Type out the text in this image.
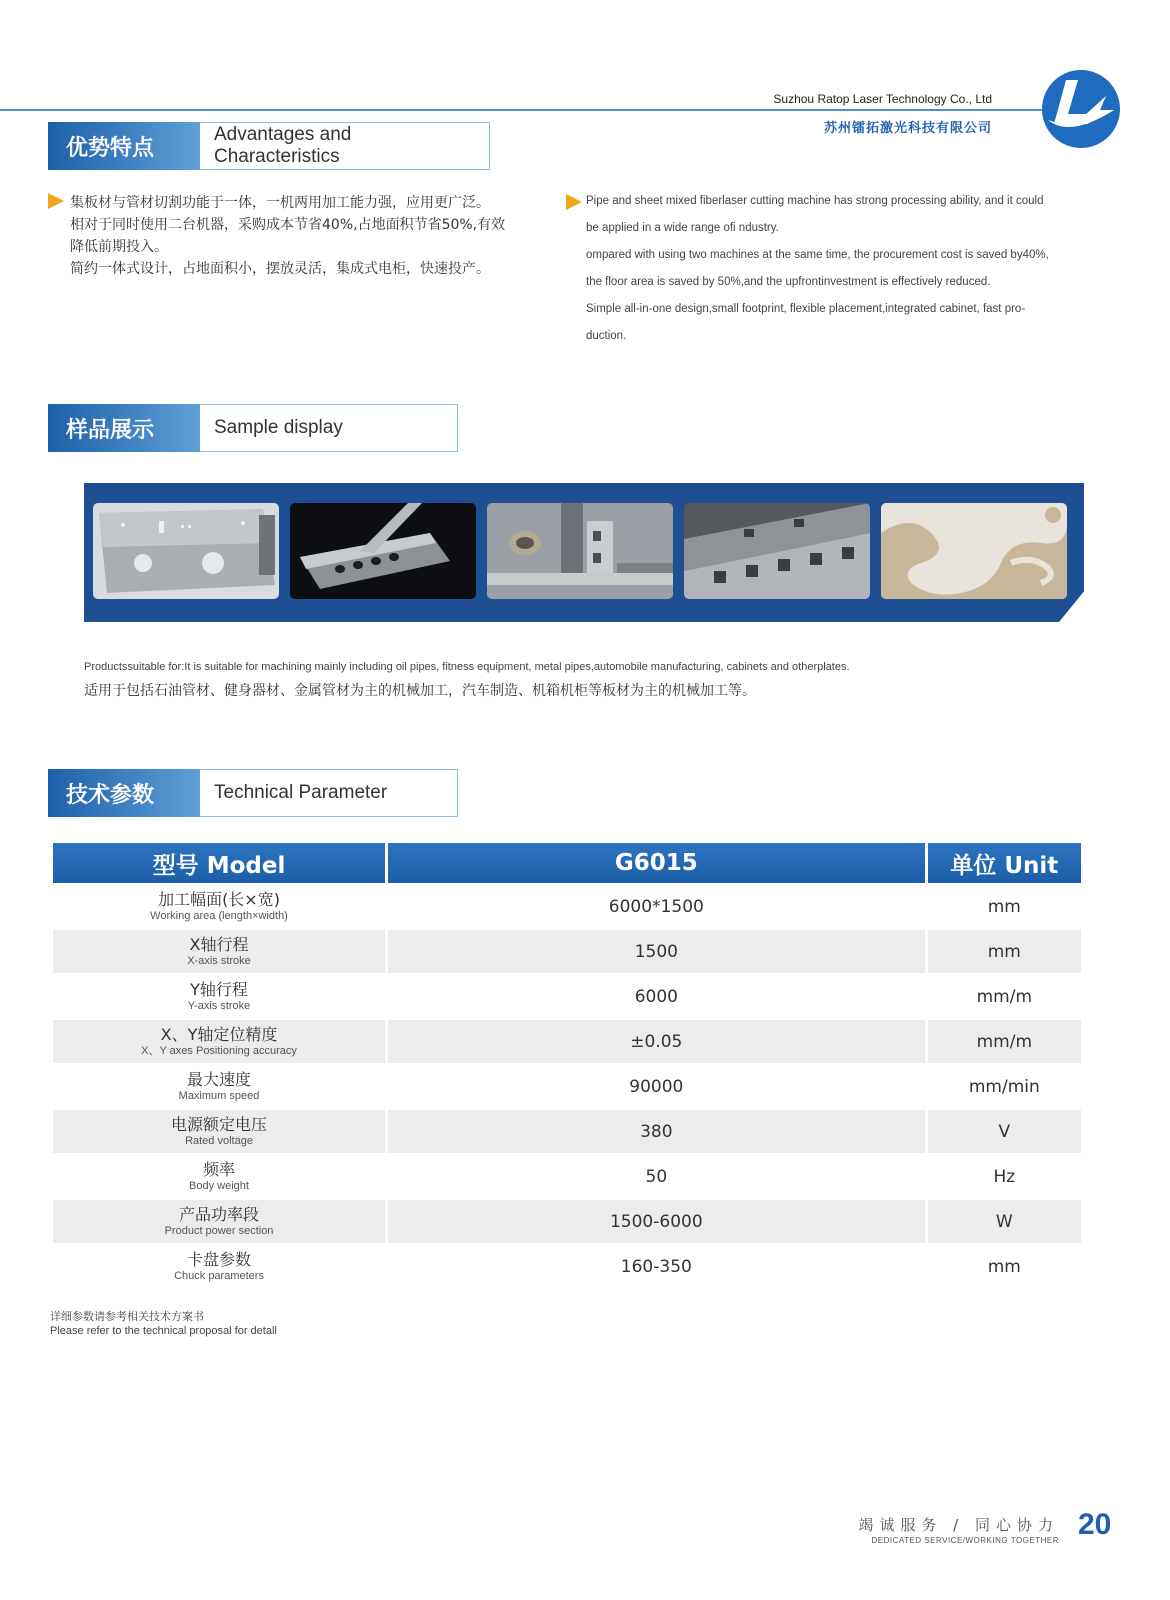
Suzhou Ratop Laser Technology Co., Ltd
苏州镭拓激光科技有限公司
优势特点
Advantages and Characteristics

集板材与管材切割功能于一体，一机两用加工能力强，应用更广泛。

相对于同时使用二台机器，采购成本节省40%,占地面积节省50%,有效

降低前期投入。

简约一体式设计，占地面积小，摆放灵活，集成式电柜，快速投产。

Pipe and sheet mixed fiberlaser cutting machine has strong processing ability, and it could

be applied in a wide range ofi ndustry.

ompared with using two machines at the same time, the procurement cost is saved by40%,

the floor area is saved by 50%,and the upfrontinvestment is effectively reduced.

Simple all-in-one design,small footprint, flexible placement,integrated cabinet, fast pro-

duction.

样品展示	Sample display
Productssuitable for:It is suitable for machining mainly including oil pipes, fitness equipment, metal pipes,automobile manufacturing, cabinets and otherplates.
适用于包括石油管材、健身器材、金属管材为主的机械加工，汽车制造、机箱机柜等板材为主的机械加工等。
技术参数	Technical Parameter
型号 Model	G6015	单位 Unit

加工幅面(长×宽)
Working area (length×width)	6000*1500	mm

X轴行程
X-axis stroke	1500	mm

Y轴行程
Y-axis stroke	6000	mm/m

X、Y轴定位精度
X、Y axes Positioning accuracy	±0.05	mm/m

最大速度
Maximum speed	90000	mm/min

电源额定电压
Rated voltage	380	V

频率
Body weight	50	Hz

产品功率段
Product power section	1500-6000	W

卡盘参数
Chuck parameters	160-350	mm
详细参数请参考相关技术方案书
Please refer to the technical proposal for detall
竭诚服务 / 同心协力
DEDICATED SERVICE/WORKING TOGETHER 20
